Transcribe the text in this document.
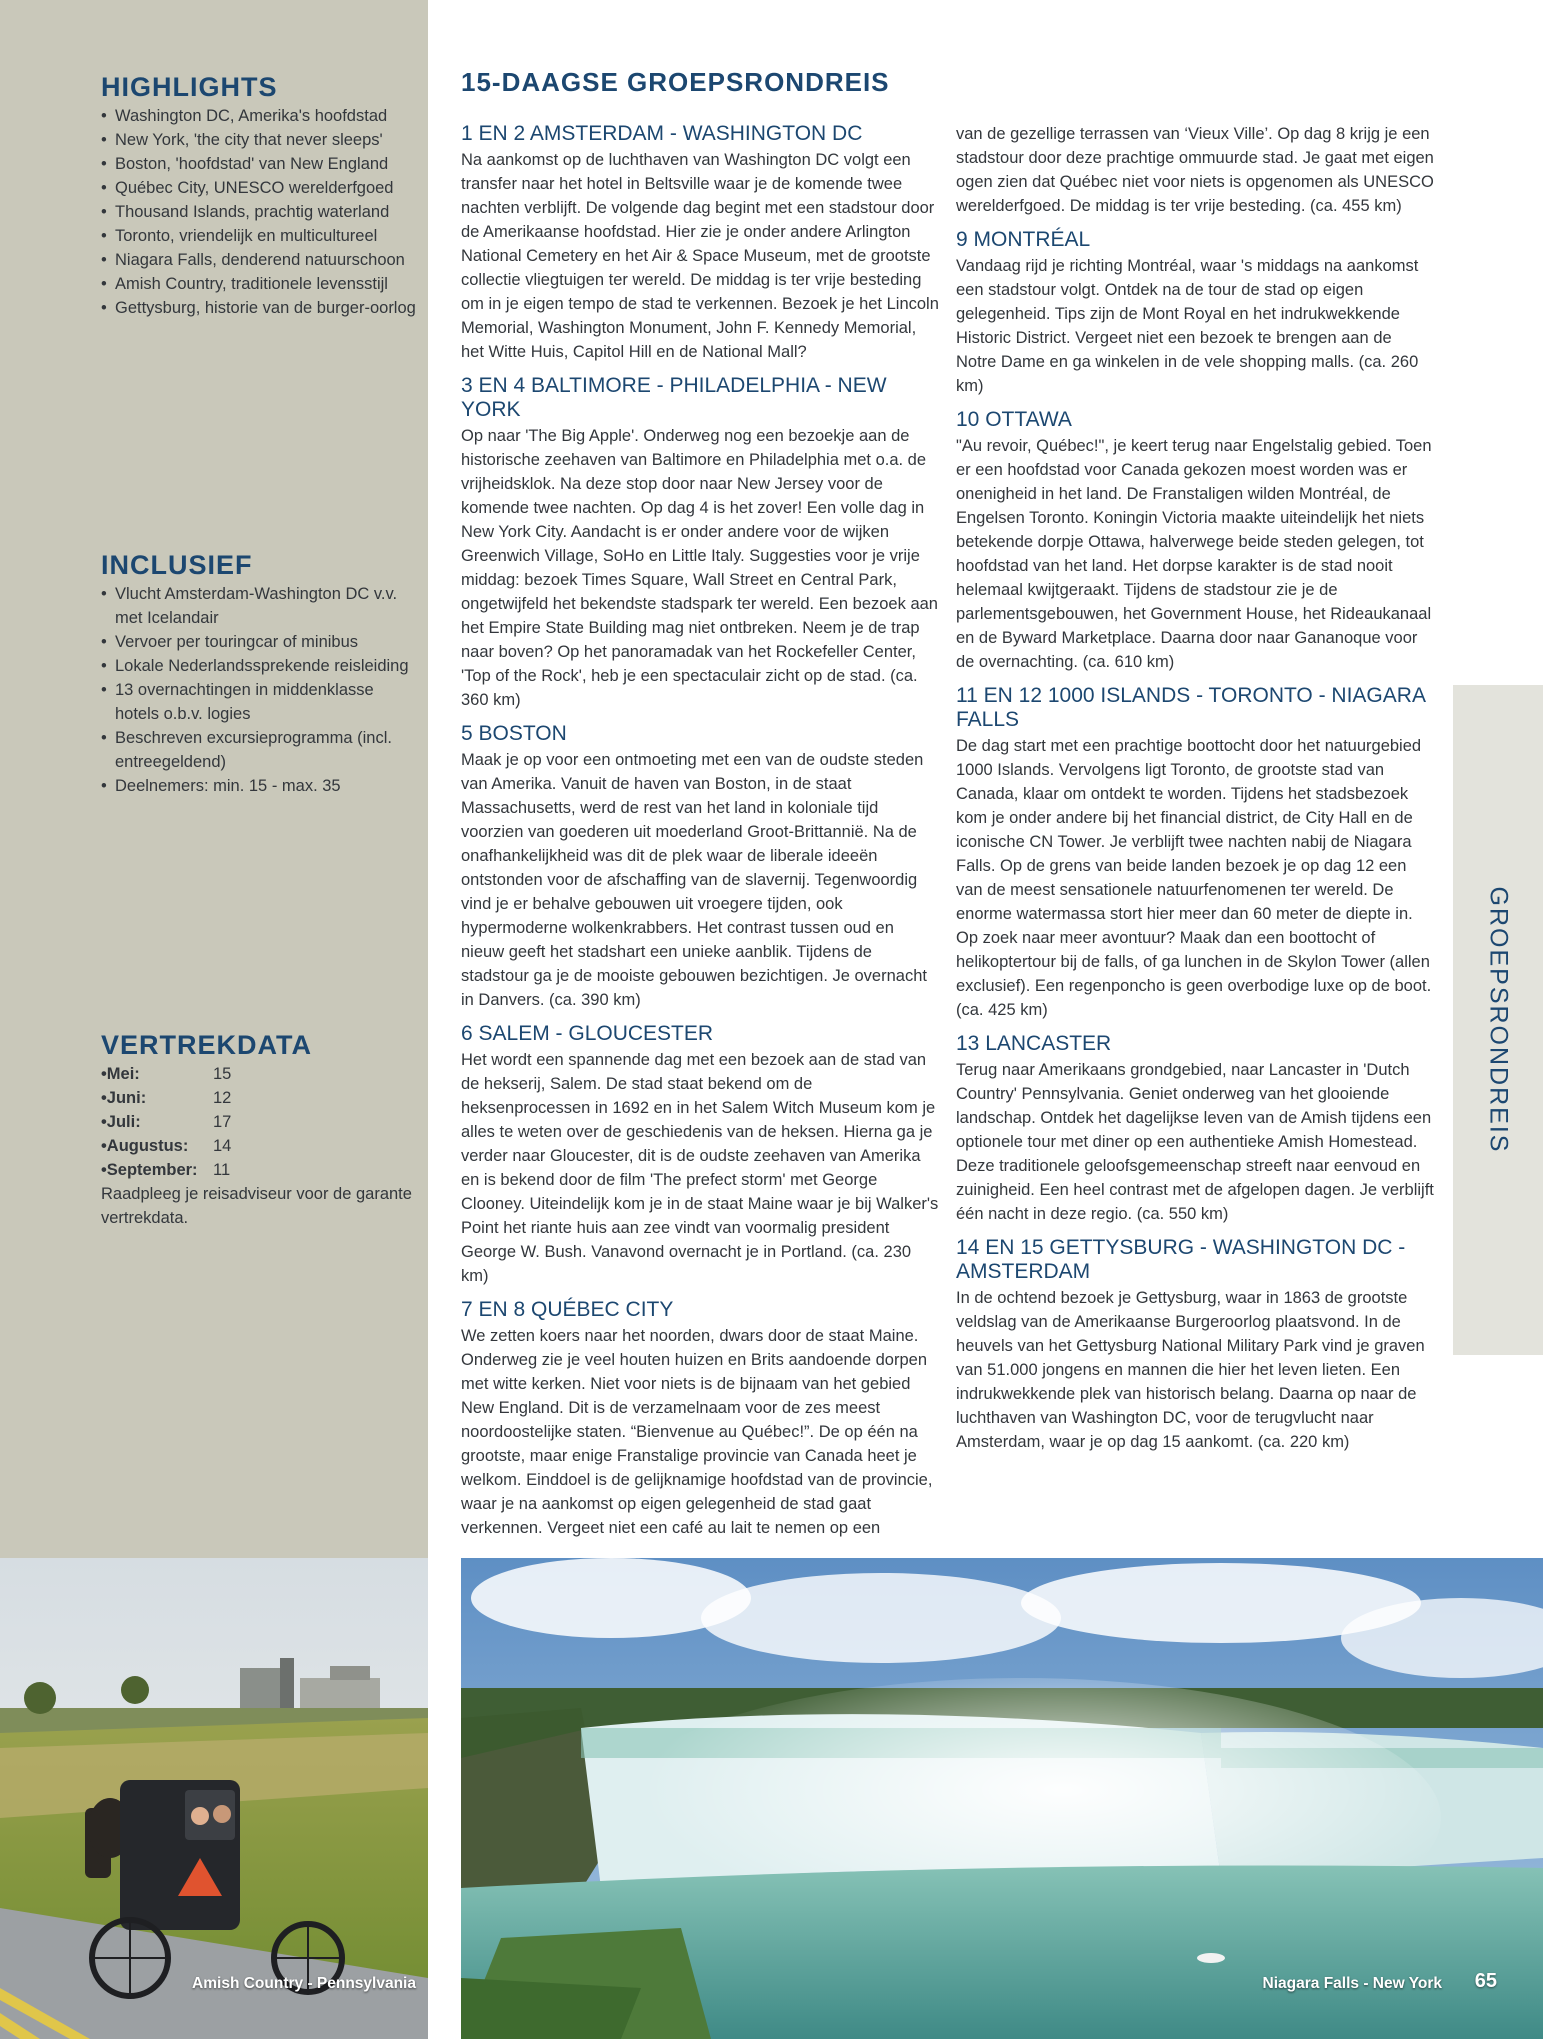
HIGHLIGHTS
• Washington DC, Amerika's hoofdstad
• New York, 'the city that never sleeps'
• Boston, 'hoofdstad' van New England
• Québec City, UNESCO werelderfgoed
• Thousand Islands, prachtig waterland
• Toronto, vriendelijk en multicultureel
• Niagara Falls, denderend natuurschoon
• Amish Country, traditionele levensstijl
• Gettysburg, historie van de burger-oorlog
INCLUSIEF
• Vlucht Amsterdam-Washington DC v.v. met Icelandair
• Vervoer per touringcar of minibus
• Lokale Nederlandssprekende reisleiding
• 13 overnachtingen in middenklasse hotels o.b.v. logies
• Beschreven excursieprogramma (incl. entreegeldend)
• Deelnemers: min. 15 - max. 35
VERTREKDATA
• Mei:	15
• Juni:	12
• Juli:	17
• Augustus: 14
• September: 11

Raadpleeg je reisadviseur voor de garante vertrekdata.

15-DAAGSE GROEPSRONDREIS
1 EN 2 AMSTERDAM - WASHINGTON DC

Na aankomst op de luchthaven van Washington DC volgt een transfer naar het hotel in Beltsville waar je de komende twee nachten verblijft. De volgende dag begint met een stadstour door de Amerikaanse hoofdstad. Hier zie je onder andere Arlington National Cemetery en het Air & Space Museum, met de grootste collectie vliegtuigen ter wereld. De middag is ter vrije besteding om in je eigen tempo de stad te verkennen. Bezoek je het Lincoln Memorial, Washington Monument, John F. Kennedy Memorial, het Witte Huis, Capitol Hill en de National Mall?

3 EN 4 BALTIMORE - PHILADELPHIA - NEW YORK

Op naar 'The Big Apple'. Onderweg nog een bezoekje aan de historische zeehaven van Baltimore en Philadelphia met o.a. de vrijheidsklok. Na deze stop door naar New Jersey voor de komende twee nachten. Op dag 4 is het zover! Een volle dag in New York City. Aandacht is er onder andere voor de wijken Greenwich Village, SoHo en Little Italy. Suggesties voor je vrije middag: bezoek Times Square, Wall Street en Central Park, ongetwijfeld het bekendste stadspark ter wereld. Een bezoek aan het Empire State Building mag niet ontbreken. Neem je de trap naar boven? Op het panoramadak van het Rockefeller Center, 'Top of the Rock', heb je een spectaculair zicht op de stad. (ca. 360 km)

5 BOSTON

Maak je op voor een ontmoeting met een van de oudste steden van Amerika. Vanuit de haven van Boston, in de staat Massachusetts, werd de rest van het land in koloniale tijd voorzien van goederen uit moederland Groot-Brittannië. Na de onafhankelijkheid was dit de plek waar de liberale ideeën ontstonden voor de afschaffing van de slavernij. Tegenwoordig vind je er behalve gebouwen uit vroegere tijden, ook hypermoderne wolkenkrabbers. Het contrast tussen oud en nieuw geeft het stadshart een unieke aanblik. Tijdens de stadstour ga je de mooiste gebouwen bezichtigen. Je overnacht in Danvers. (ca. 390 km)

6 SALEM - GLOUCESTER

Het wordt een spannende dag met een bezoek aan de stad van de hekserij, Salem. De stad staat bekend om de heksenprocessen in 1692 en in het Salem Witch Museum kom je alles te weten over de geschiedenis van de heksen. Hierna ga je verder naar Gloucester, dit is de oudste zeehaven van Amerika en is bekend door de film 'The prefect storm' met George Clooney. Uiteindelijk kom je in de staat Maine waar je bij Walker's Point het riante huis aan zee vindt van voormalig president George W. Bush. Vanavond overnacht je in Portland. (ca. 230 km)

7 EN 8 QUÉBEC CITY

We zetten koers naar het noorden, dwars door de staat Maine. Onderweg zie je veel houten huizen en Brits aandoende dorpen met witte kerken. Niet voor niets is de bijnaam van het gebied New England. Dit is de verzamelnaam voor de zes meest noordoostelijke staten. “Bienvenue au Québec!”. De op één na grootste, maar enige Franstalige provincie van Canada heet je welkom. Einddoel is de gelijknamige hoofdstad van de provincie, waar je na aankomst op eigen gelegenheid de stad gaat verkennen. Vergeet niet een café au lait te nemen op een

van de gezellige terrassen van ‘Vieux Ville’. Op dag 8 krijg je een stadstour door deze prachtige ommuurde stad. Je gaat met eigen ogen zien dat Québec niet voor niets is opgenomen als UNESCO werelderfgoed. De middag is ter vrije besteding. (ca. 455 km)

9 MONTRÉAL

Vandaag rijd je richting Montréal, waar 's middags na aankomst een stadstour volgt. Ontdek na de tour de stad op eigen gelegenheid. Tips zijn de Mont Royal en het indrukwekkende Historic District. Vergeet niet een bezoek te brengen aan de Notre Dame en ga winkelen in de vele shopping malls. (ca. 260 km)

10 OTTAWA

"Au revoir, Québec!", je keert terug naar Engelstalig gebied. Toen er een hoofdstad voor Canada gekozen moest worden was er onenigheid in het land. De Franstaligen wilden Montréal, de Engelsen Toronto. Koningin Victoria maakte uiteindelijk het niets betekende dorpje Ottawa, halverwege beide steden gelegen, tot hoofdstad van het land. Het dorpse karakter is de stad nooit helemaal kwijtgeraakt. Tijdens de stadstour zie je de parlementsgebouwen, het Government House, het Rideaukanaal en de Byward Marketplace. Daarna door naar Gananoque voor de overnachting. (ca. 610 km)

11 EN 12 1000 ISLANDS - TORONTO - NIAGARA FALLS

De dag start met een prachtige boottocht door het natuurgebied 1000 Islands. Vervolgens ligt Toronto, de grootste stad van Canada, klaar om ontdekt te worden. Tijdens het stadsbezoek kom je onder andere bij het financial district, de City Hall en de iconische CN Tower. Je verblijft twee nachten nabij de Niagara Falls. Op de grens van beide landen bezoek je op dag 12 een van de meest sensationele natuurfenomenen ter wereld. De enorme watermassa stort hier meer dan 60 meter de diepte in. Op zoek naar meer avontuur? Maak dan een boottocht of helikoptertour bij de falls, of ga lunchen in de Skylon Tower (allen exclusief). Een regenponcho is geen overbodige luxe op de boot. (ca. 425 km)

13 LANCASTER

Terug naar Amerikaans grondgebied, naar Lancaster in 'Dutch Country' Pennsylvania. Geniet onderweg van het glooiende landschap. Ontdek het dagelijkse leven van de Amish tijdens een optionele tour met diner op een authentieke Amish Homestead. Deze traditionele geloofsgemeenschap streeft naar eenvoud en zuinigheid. Een heel contrast met de afgelopen dagen. Je verblijft één nacht in deze regio. (ca. 550 km)

14 EN 15 GETTYSBURG - WASHINGTON DC - AMSTERDAM

In de ochtend bezoek je Gettysburg, waar in 1863 de grootste veldslag van de Amerikaanse Burgeroorlog plaatsvond. In de heuvels van het Gettysburg National Military Park vind je graven van 51.000 jongens en mannen die hier het leven lieten. Een indrukwekkende plek van historisch belang. Daarna op naar de luchthaven van Washington DC, voor de terugvlucht naar Amsterdam, waar je op dag 15 aankomt. (ca. 220 km)

GROEPSRONDREIS
Amish Country - Pennsylvania	Niagara Falls - New York 65
